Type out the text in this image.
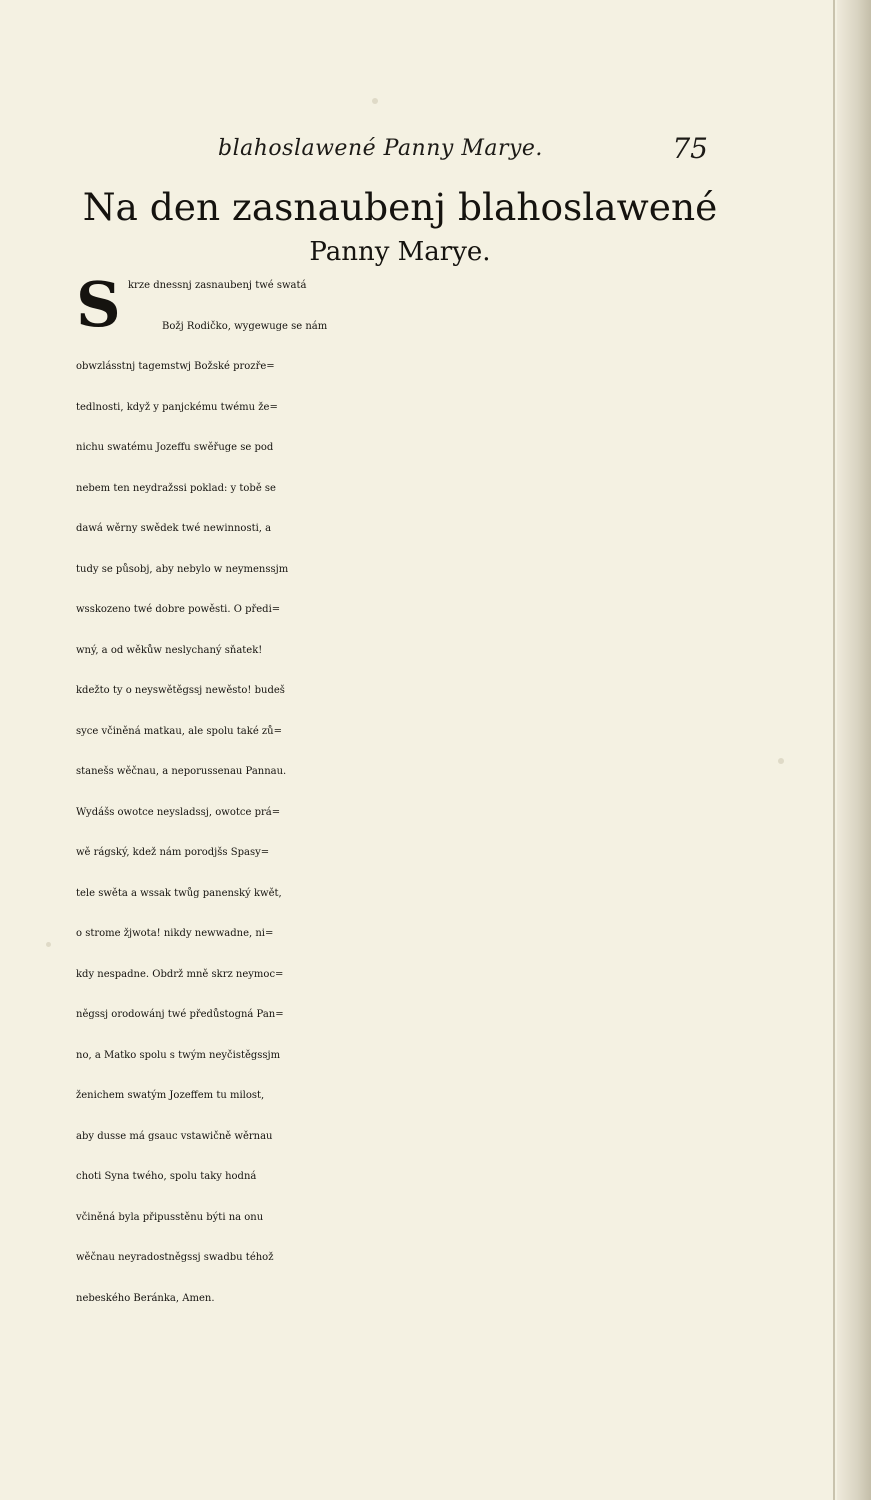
blahoslawené Panny Marye.	75
Na den zasnaubenj blahoslawené
Panny Marye.
S krze dnessnj zasnaubenj twé swatá
Božj Rodičko, wygewuge se nám
obwzlásstnj tagemstwj Božské prozře=
tedlnosti, když y panjckému twému že=
nichu swatému Jozeffu swěřuge se pod
nebem ten neydražssi poklad: y tobě se
dawá wěrny swědek twé newinnosti, a
tudy se působj, aby nebylo w neymenssjm
wsskozeno twé dobre powěsti. O předi=
wný, a od wěkůw neslychaný sňatek!
kdežto ty o neyswětěgssj newěsto! budeš
syce včiněná matkau, ale spolu také zů=
stanešs wěčnau, a neporussenau Pannau.
Wydášs owotce neysladssj, owotce prá=
wě rágský, kdež nám porodjšs Spasy=
tele swěta a wssak twůg panenský kwět,
o strome žjwota! nikdy newwadne, ni=
kdy nespadne. Obdrž mně skrz neymoc=
něgssj orodowánj twé předůstogná Pan=
no, a Matko spolu s twým neyčistěgssjm
ženichem swatým Jozeffem tu milost,
aby dusse má gsauc vstawičně wěrnau
choti Syna twého, spolu taky hodná
včiněná byla připusstěnu býti na onu
wěčnau neyradostněgssj swadbu téhož
nebeského Beránka, Amen.
